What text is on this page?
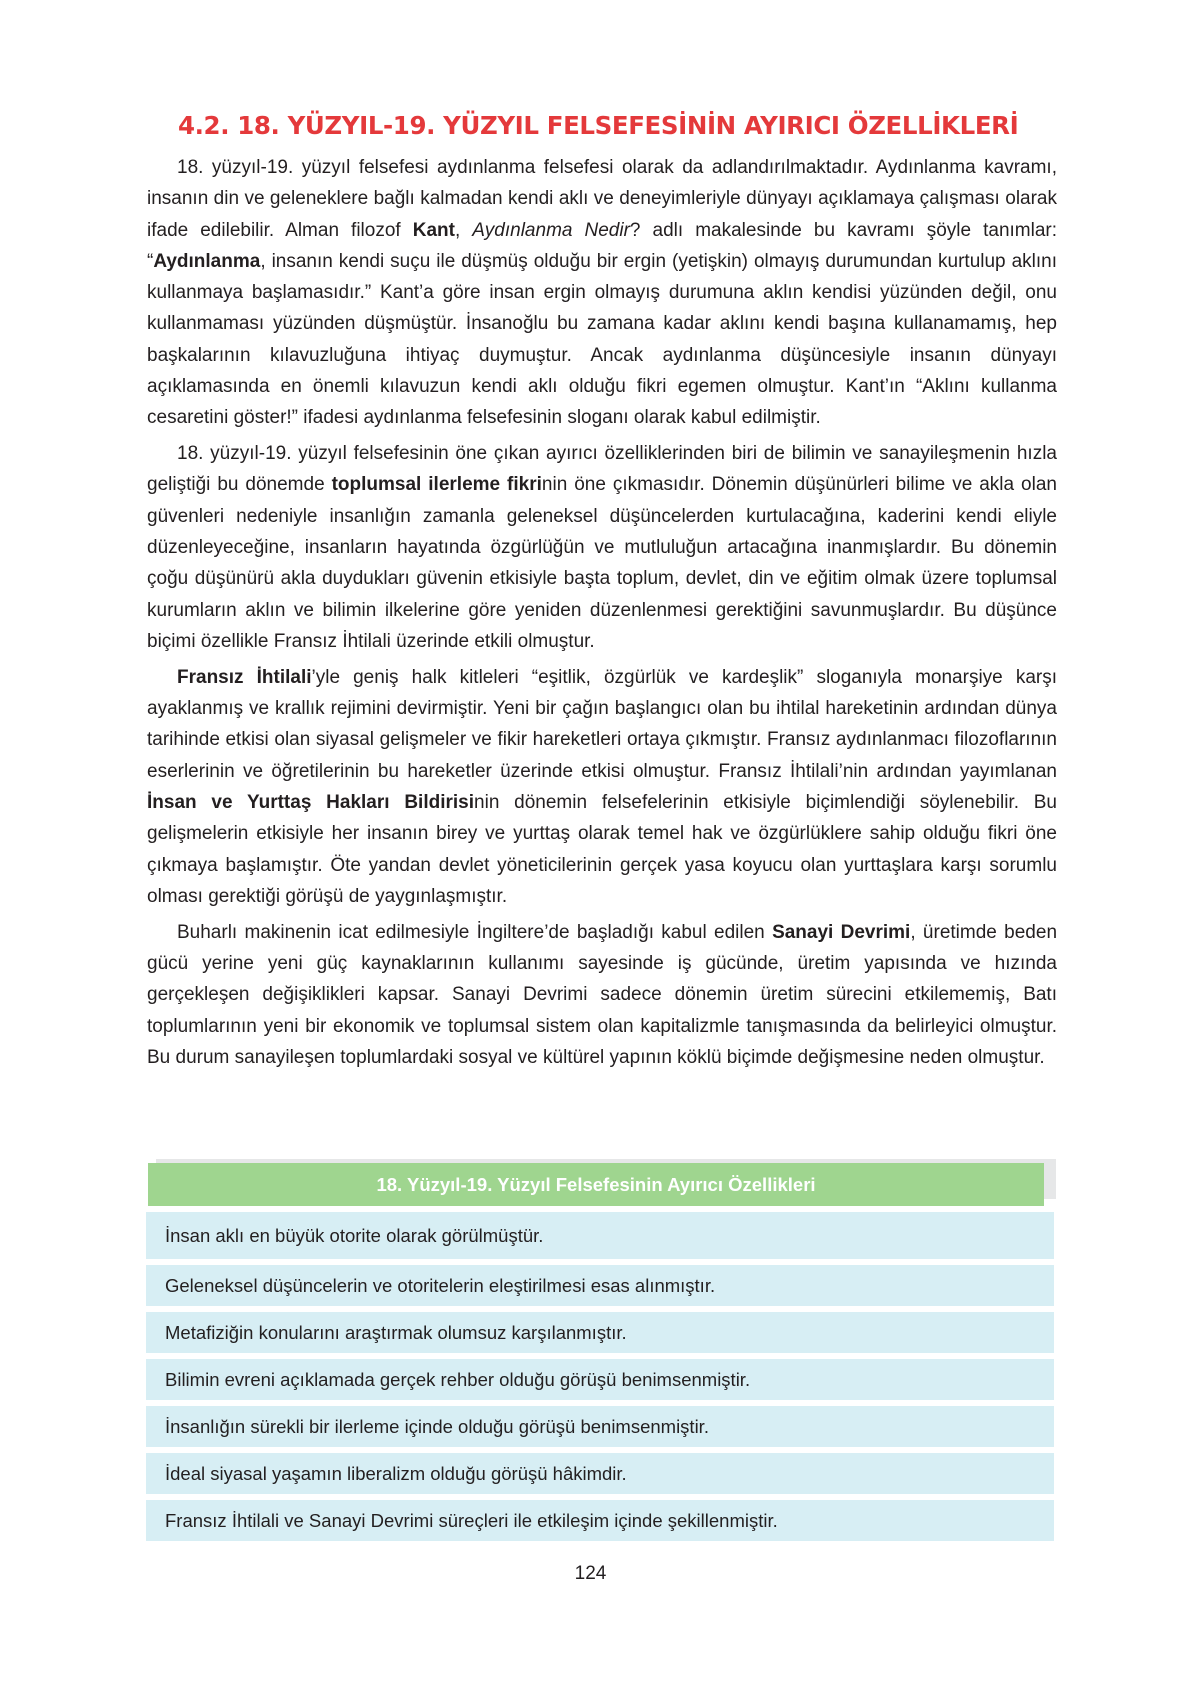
4.2. 18. YÜZYIL-19. YÜZYIL FELSEFESİNİN AYIRICI ÖZELLİKLERİ

18. yüzyıl-19. yüzyıl felsefesi aydınlanma felsefesi olarak da adlandırılmaktadır. Aydınlanma kavramı, insanın din ve geleneklere bağlı kalmadan kendi aklı ve deneyimleriyle dünyayı açıklamaya çalışması olarak ifade edilebilir. Alman filozof Kant, Aydınlanma Nedir? adlı makalesinde bu kavramı şöyle tanımlar: “Aydınlanma, insanın kendi suçu ile düşmüş olduğu bir ergin (yetişkin) olmayış durumundan kurtulup aklını kullanmaya başlamasıdır.” Kant’a göre insan ergin olmayış durumuna aklın kendisi yüzünden değil, onu kullanmaması yüzünden düşmüştür. İnsanoğlu bu zamana kadar aklını kendi başına kullanamamış, hep başkalarının kılavuzluğuna ihtiyaç duymuştur. Ancak aydınlanma düşüncesiyle insanın dünyayı açıklamasında en önemli kılavuzun kendi aklı olduğu fikri egemen olmuştur. Kant’ın “Aklını kullanma cesaretini göster!” ifadesi aydınlanma felsefesinin sloganı olarak kabul edilmiştir.

18. yüzyıl-19. yüzyıl felsefesinin öne çıkan ayırıcı özelliklerinden biri de bilimin ve sanayileşmenin hızla geliştiği bu dönemde toplumsal ilerleme fikrinin öne çıkmasıdır. Dönemin düşünürleri bilime ve akla olan güvenleri nedeniyle insanlığın zamanla geleneksel düşüncelerden kurtulacağına, kaderini kendi eliyle düzenleyeceğine, insanların hayatında özgürlüğün ve mutluluğun artacağına inanmışlardır. Bu dönemin çoğu düşünürü akla duydukları güvenin etkisiyle başta toplum, devlet, din ve eğitim olmak üzere toplumsal kurumların aklın ve bilimin ilkelerine göre yeniden düzenlenmesi gerektiğini savunmuşlardır. Bu düşünce biçimi özellikle Fransız İhtilali üzerinde etkili olmuştur.

Fransız İhtilali’yle geniş halk kitleleri “eşitlik, özgürlük ve kardeşlik” sloganıyla monarşiye karşı ayaklanmış ve krallık rejimini devirmiştir. Yeni bir çağın başlangıcı olan bu ihtilal hareketinin ardından dünya tarihinde etkisi olan siyasal gelişmeler ve fikir hareketleri ortaya çıkmıştır. Fransız aydınlanmacı filozoflarının eserlerinin ve öğretilerinin bu hareketler üzerinde etkisi olmuştur. Fransız İhtilali’nin ardından yayımlanan İnsan ve Yurttaş Hakları Bildirisinin dönemin felsefelerinin etkisiyle biçimlendiği söylenebilir. Bu gelişmelerin etkisiyle her insanın birey ve yurttaş olarak temel hak ve özgürlüklere sahip olduğu fikri öne çıkmaya başlamıştır. Öte yandan devlet yöneticilerinin gerçek yasa koyucu olan yurttaşlara karşı sorumlu olması gerektiği görüşü de yaygınlaşmıştır.

Buharlı makinenin icat edilmesiyle İngiltere’de başladığı kabul edilen Sanayi Devrimi, üretimde beden gücü yerine yeni güç kaynaklarının kullanımı sayesinde iş gücünde, üretim yapısında ve hızında gerçekleşen değişiklikleri kapsar. Sanayi Devrimi sadece dönemin üretim sürecini etkilememiş, Batı toplumlarının yeni bir ekonomik ve toplumsal sistem olan kapitalizmle tanışmasında da belirleyici olmuştur. Bu durum sanayileşen toplumlardaki sosyal ve kültürel yapının köklü biçimde değişmesine neden olmuştur.

18. Yüzyıl-19. Yüzyıl Felsefesinin Ayırıcı Özellikleri
İnsan aklı en büyük otorite olarak görülmüştür.
Geleneksel düşüncelerin ve otoritelerin eleştirilmesi esas alınmıştır.
Metafiziğin konularını araştırmak olumsuz karşılanmıştır.
Bilimin evreni açıklamada gerçek rehber olduğu görüşü benimsenmiştir.
İnsanlığın sürekli bir ilerleme içinde olduğu görüşü benimsenmiştir.
İdeal siyasal yaşamın liberalizm olduğu görüşü hâkimdir.
Fransız İhtilali ve Sanayi Devrimi süreçleri ile etkileşim içinde şekillenmiştir.
124
